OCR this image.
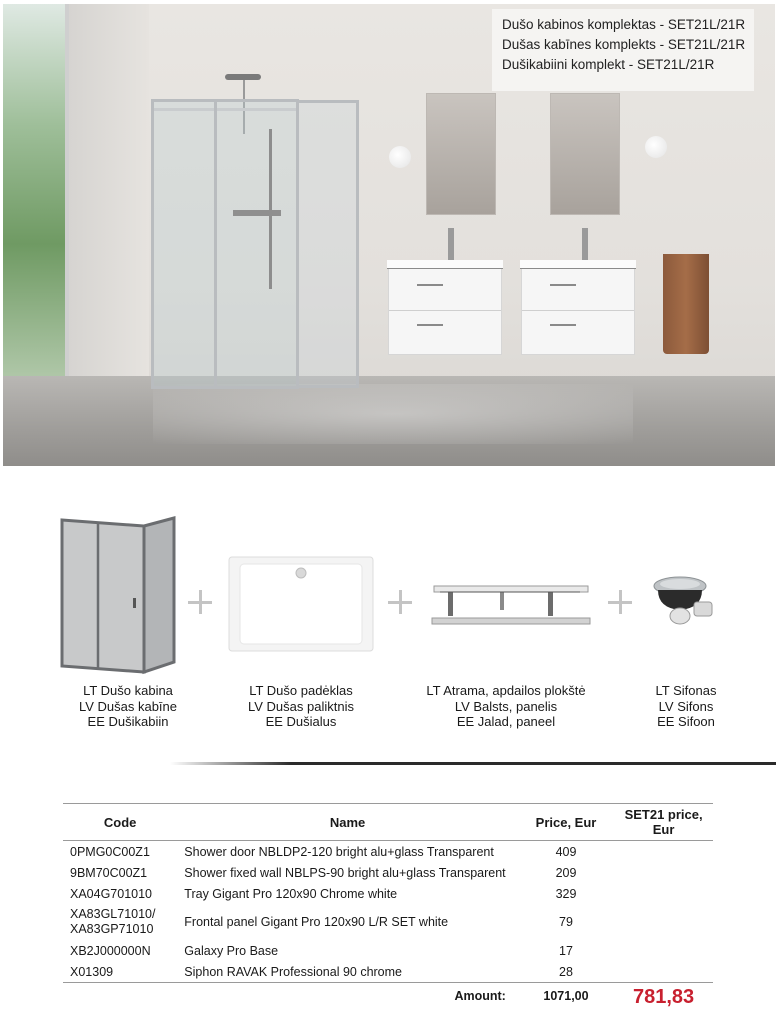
Dušo kabinos komplektas - SET21L/21R
Dušas kabīnes komplekts - SET21L/21R
Dušikabiini komplekt - SET21L/21R
LT Dušo kabina
LV Dušas kabīne
EE Dušikabiin
LT Dušo padėklas
LV Dušas paliktnis
EE Dušialus
LT Atrama, apdailos plokštė
LV Balsts, panelis
EE Jalad, paneel
LT Sifonas
LV Sifons
EE Sifoon
Code	Name	Price, Eur	SET21 price, Eur
0PMG0C00Z1	Shower door NBLDP2-120 bright alu+glass Transparent	409	
9BM70C00Z1	Shower fixed wall NBLPS-90 bright alu+glass Transparent	209	
XA04G701010	Tray Gigant Pro 120x90 Chrome white	329	

XA83GL71010/
XA83GP71010	Frontal panel Gigant Pro 120x90 L/R SET white	79	
XB2J000000N	Galaxy Pro Base	17	
X01309	Siphon RAVAK Professional 90 chrome	28	
	Amount:	1071,00	781,83
